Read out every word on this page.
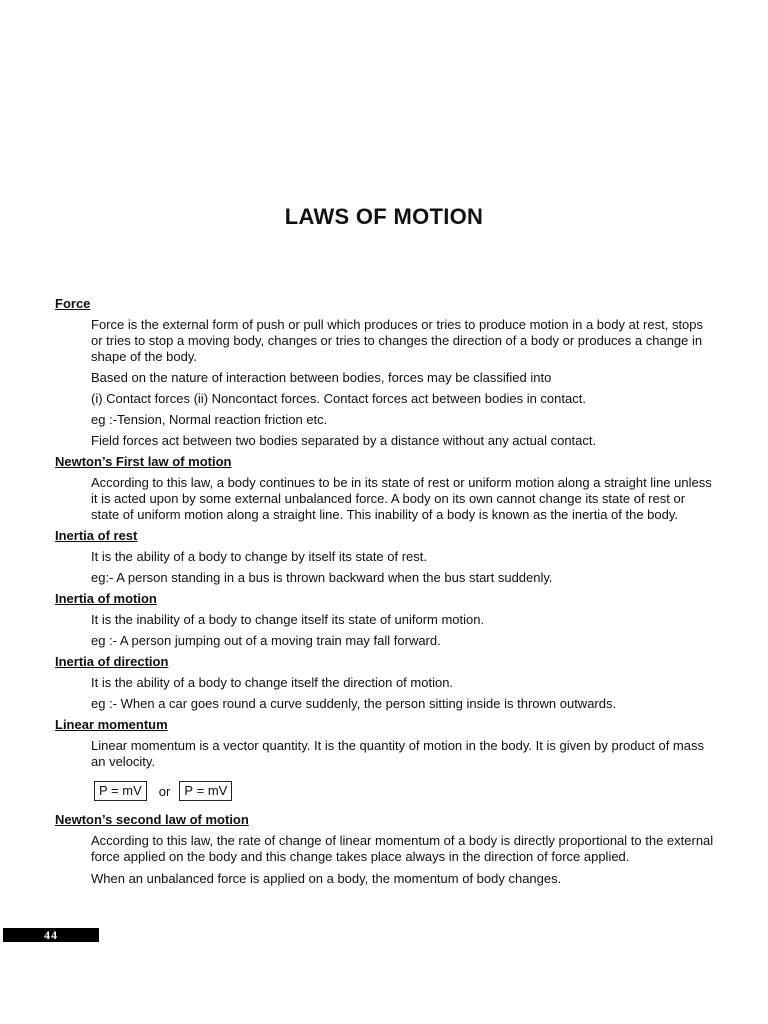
LAWS OF MOTION

Force

Force is the external form of push or pull which produces or tries to produce motion in a body at rest, stops or tries to stop a moving body, changes or tries to changes the direction of a body or produces a change in shape of the body.

Based on the nature of interaction between bodies, forces may be classified into

(i) Contact forces (ii) Noncontact forces. Contact forces act between bodies in contact.

eg :-Tension, Normal reaction friction etc.

Field forces act between two bodies separated by a distance without any actual contact.

Newton’s First law of motion

According to this law, a body continues to be in its state of rest or uniform motion along a straight line unless it is acted upon by some external unbalanced force. A body on its own cannot change its state of rest or state of uniform motion along a straight line. This inability of a body is known as the inertia of the body.

Inertia of rest

It is the ability of a body to change by itself its state of rest.

eg:- A person standing in a bus is thrown backward when the bus start suddenly.

Inertia of motion

It is the inability of a body to change itself its state of uniform motion.

eg :- A person jumping out of a moving train may fall forward.

Inertia of direction

It is the ability of a body to change itself the direction of motion.

eg :- When a car goes round a curve suddenly, the person sitting inside is thrown outwards.

Linear momentum

Linear momentum is a vector quantity. It is the quantity of motion in the body. It is given by product of mass an velocity.

P = mV	or	P = mV

Newton’s second law of motion

According to this law, the rate of change of linear momentum of a body is directly proportional to the external force applied on the body and this change takes place always in the direction of force applied.

When an unbalanced force is applied on a body, the momentum of body changes.

44
